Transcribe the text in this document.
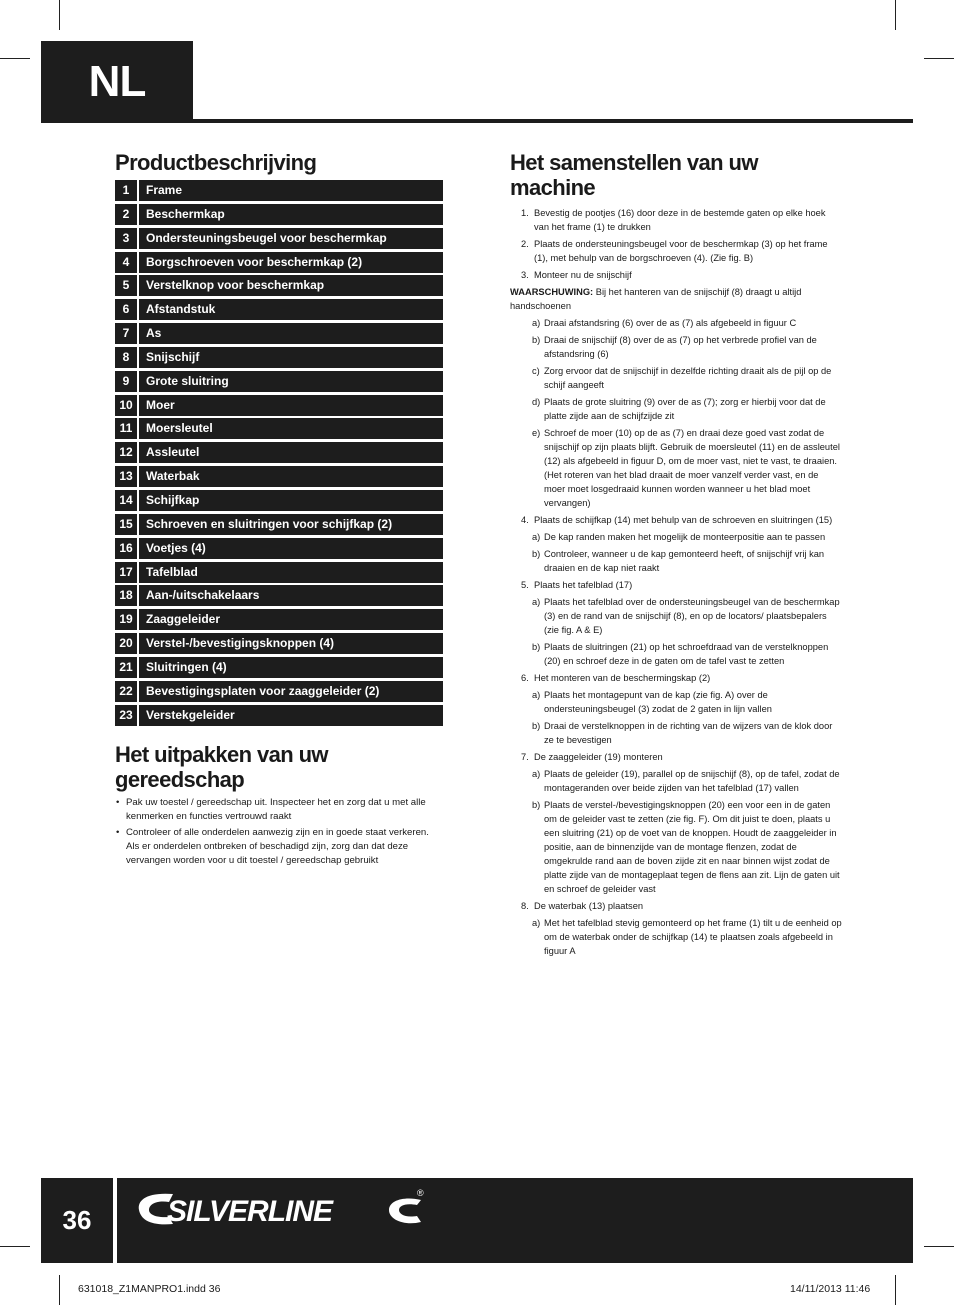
NL
Productbeschrijving
1	Frame
2	Beschermkap
3	Ondersteuningsbeugel voor beschermkap
4	Borgschroeven voor beschermkap (2)
5	Verstelknop voor beschermkap
6	Afstandstuk
7	As
8	Snijschijf
9	Grote sluitring
10	Moer
11	Moersleutel
12	Assleutel
13	Waterbak
14	Schijfkap
15	Schroeven en sluitringen voor schijfkap (2)
16	Voetjes (4)
17	Tafelblad
18	Aan-/uitschakelaars
19	Zaaggeleider
20	Verstel-/bevestigingsknoppen (4)
21	Sluitringen (4)
22	Bevestigingsplaten voor zaaggeleider (2)
23	Verstekgeleider
Het uitpakken van uw
gereedschap
• Pak uw toestel / gereedschap uit. Inspecteer het en zorg dat u met alle kenmerken en functies vertrouwd raakt
• Controleer of alle onderdelen aanwezig zijn en in goede staat verkeren. Als er onderdelen ontbreken of beschadigd zijn, zorg dan dat deze vervangen worden voor u dit toestel / gereedschap gebruikt
Het samenstellen van uw
machine
1. Bevestig de pootjes (16) door deze in de bestemde gaten op elke hoek van het frame (1) te drukken
2. Plaats de ondersteuningsbeugel voor de beschermkap (3) op het frame (1), met behulp van de borgschroeven (4). (Zie fig. B)
3. Monteer nu de snijschijf
WAARSCHUWING: Bij het hanteren van de snijschijf (8) draagt u altijd handschoenen
a) Draai afstandsring (6) over de as (7) als afgebeeld in figuur C
b) Draai de snijschijf (8) over de as (7) op het verbrede profiel van de afstandsring (6)
c) Zorg ervoor dat de snijschijf in dezelfde richting draait als de pijl op de schijf aangeeft
d) Plaats de grote sluitring (9) over de as (7); zorg er hierbij voor dat de platte zijde aan de schijfzijde zit
e) Schroef de moer (10) op de as (7) en draai deze goed vast zodat de snijschijf op zijn plaats blijft. Gebruik de moersleutel (11) en de assleutel (12) als afgebeeld in figuur D, om de moer vast, niet te vast, te draaien. (Het roteren van het blad draait de moer vanzelf verder vast, en de moer moet losgedraaid kunnen worden wanneer u het blad moet vervangen)
4. Plaats de schijfkap (14) met behulp van de schroeven en sluitringen (15)
a) De kap randen maken het mogelijk de monteerpositie aan te passen
b) Controleer, wanneer u de kap gemonteerd heeft, of snijschijf vrij kan draaien en de kap niet raakt
5. Plaats het tafelblad (17)
a) Plaats het tafelblad over de ondersteuningsbeugel van de beschermkap (3) en de rand van de snijschijf (8), en op de locators/ plaatsbepalers (zie fig. A & E)
b) Plaats de sluitringen (21) op het schroefdraad van de verstelknoppen (20) en schroef deze in de gaten om de tafel vast te zetten
6. Het monteren van de beschermingskap (2)
a) Plaats het montagepunt van de kap (zie fig. A) over de ondersteuningsbeugel (3) zodat de 2 gaten in lijn vallen
b) Draai de verstelknoppen in de richting van de wijzers van de klok door ze te bevestigen
7. De zaaggeleider (19) monteren
a) Plaats de geleider (19), parallel op de snijschijf (8), op de tafel, zodat de montageranden over beide zijden van het tafelblad (17) vallen
b) Plaats de verstel-/bevestigingsknoppen (20) een voor een in de gaten om de geleider vast te zetten (zie fig. F). Om dit juist te doen, plaats u een sluitring (21) op de voet van de knoppen. Houdt de zaaggeleider in positie, aan de binnenzijde van de montage flenzen, zodat de omgekrulde rand aan de boven zijde zit en naar binnen wijst zodat de platte zijde van de montageplaat tegen de flens aan zit. Lijn de gaten uit en schroef de geleider vast
8. De waterbak (13) plaatsen
a) Met het tafelblad stevig gemonteerd op het frame (1) tilt u de eenheid op om de waterbak onder de schijfkap (14) te plaatsen zoals afgebeeld in figuur A
36	SILVERLINE
®
631018_Z1MANPRO1.indd 36	14/11/2013 11:46
